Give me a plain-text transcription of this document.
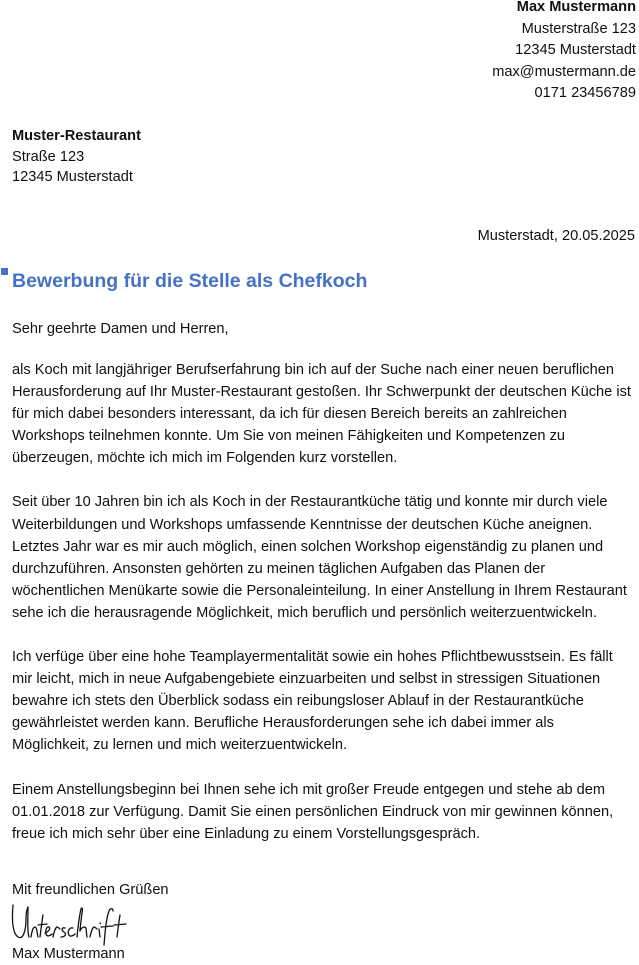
Max Mustermann
Musterstraße 123
12345 Musterstadt
max@mustermann.de
0171 23456789
Muster-Restaurant
Straße 123
12345 Musterstadt
Musterstadt, 20.05.2025
Bewerbung für die Stelle als Chefkoch
Sehr geehrte Damen und Herren,

als Koch mit langjähriger Berufserfahrung bin ich auf der Suche nach einer neuen beruflichen Herausforderung auf Ihr Muster-Restaurant gestoßen. Ihr Schwerpunkt der deutschen Küche ist für mich dabei besonders interessant, da ich für diesen Bereich bereits an zahlreichen Workshops teilnehmen konnte. Um Sie von meinen Fähigkeiten und Kompetenzen zu überzeugen, möchte ich mich im Folgenden kurz vorstellen.

Seit über 10 Jahren bin ich als Koch in der Restaurantküche tätig und konnte mir durch viele Weiterbildungen und Workshops umfassende Kenntnisse der deutschen Küche aneignen. Letztes Jahr war es mir auch möglich, einen solchen Workshop eigenständig zu planen und durchzuführen. Ansonsten gehörten zu meinen täglichen Aufgaben das Planen der wöchentlichen Menükarte sowie die Personaleinteilung. In einer Anstellung in Ihrem Restaurant sehe ich die herausragende Möglichkeit, mich beruflich und persönlich weiterzuentwickeln.

Ich verfüge über eine hohe Teamplayermentalität sowie ein hohes Pflichtbewusstsein. Es fällt mir leicht, mich in neue Aufgabengebiete einzuarbeiten und selbst in stressigen Situationen bewahre ich stets den Überblick sodass ein reibungsloser Ablauf in der Restaurantküche gewährleistet werden kann. Berufliche Herausforderungen sehe ich dabei immer als Möglichkeit, zu lernen und mich weiterzuentwickeln.

Einem Anstellungsbeginn bei Ihnen sehe ich mit großer Freude entgegen und stehe ab dem 01.01.2018 zur Verfügung. Damit Sie einen persönlichen Eindruck von mir gewinnen können, freue ich mich sehr über eine Einladung zu einem Vorstellungsgespräch.

Mit freundlichen Grüßen
Max Mustermann
